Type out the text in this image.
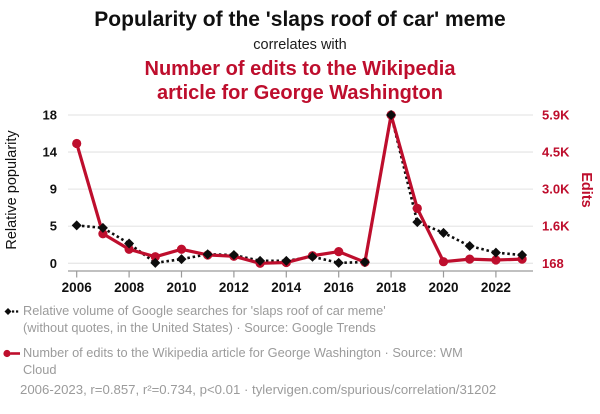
Popularity of the 'slaps roof of car' meme
correlates with
Number of edits to the Wikipedia
article for George Washington
0	168
5	1.6K
9	3.0K
14	4.5K
18	5.9K
2006 2008 2010 2012 2014 2016 2018 2020 2022
Relative popularity	Edits
Relative volume of Google searches for 'slaps roof of car meme'
(without quotes, in the United States) · Source: Google Trends
Number of edits to the Wikipedia article for George Washington · Source: WM
Cloud
2006-2023, r=0.857, r²=0.734, p<0.01 · tylervigen.com/spurious/correlation/31202
